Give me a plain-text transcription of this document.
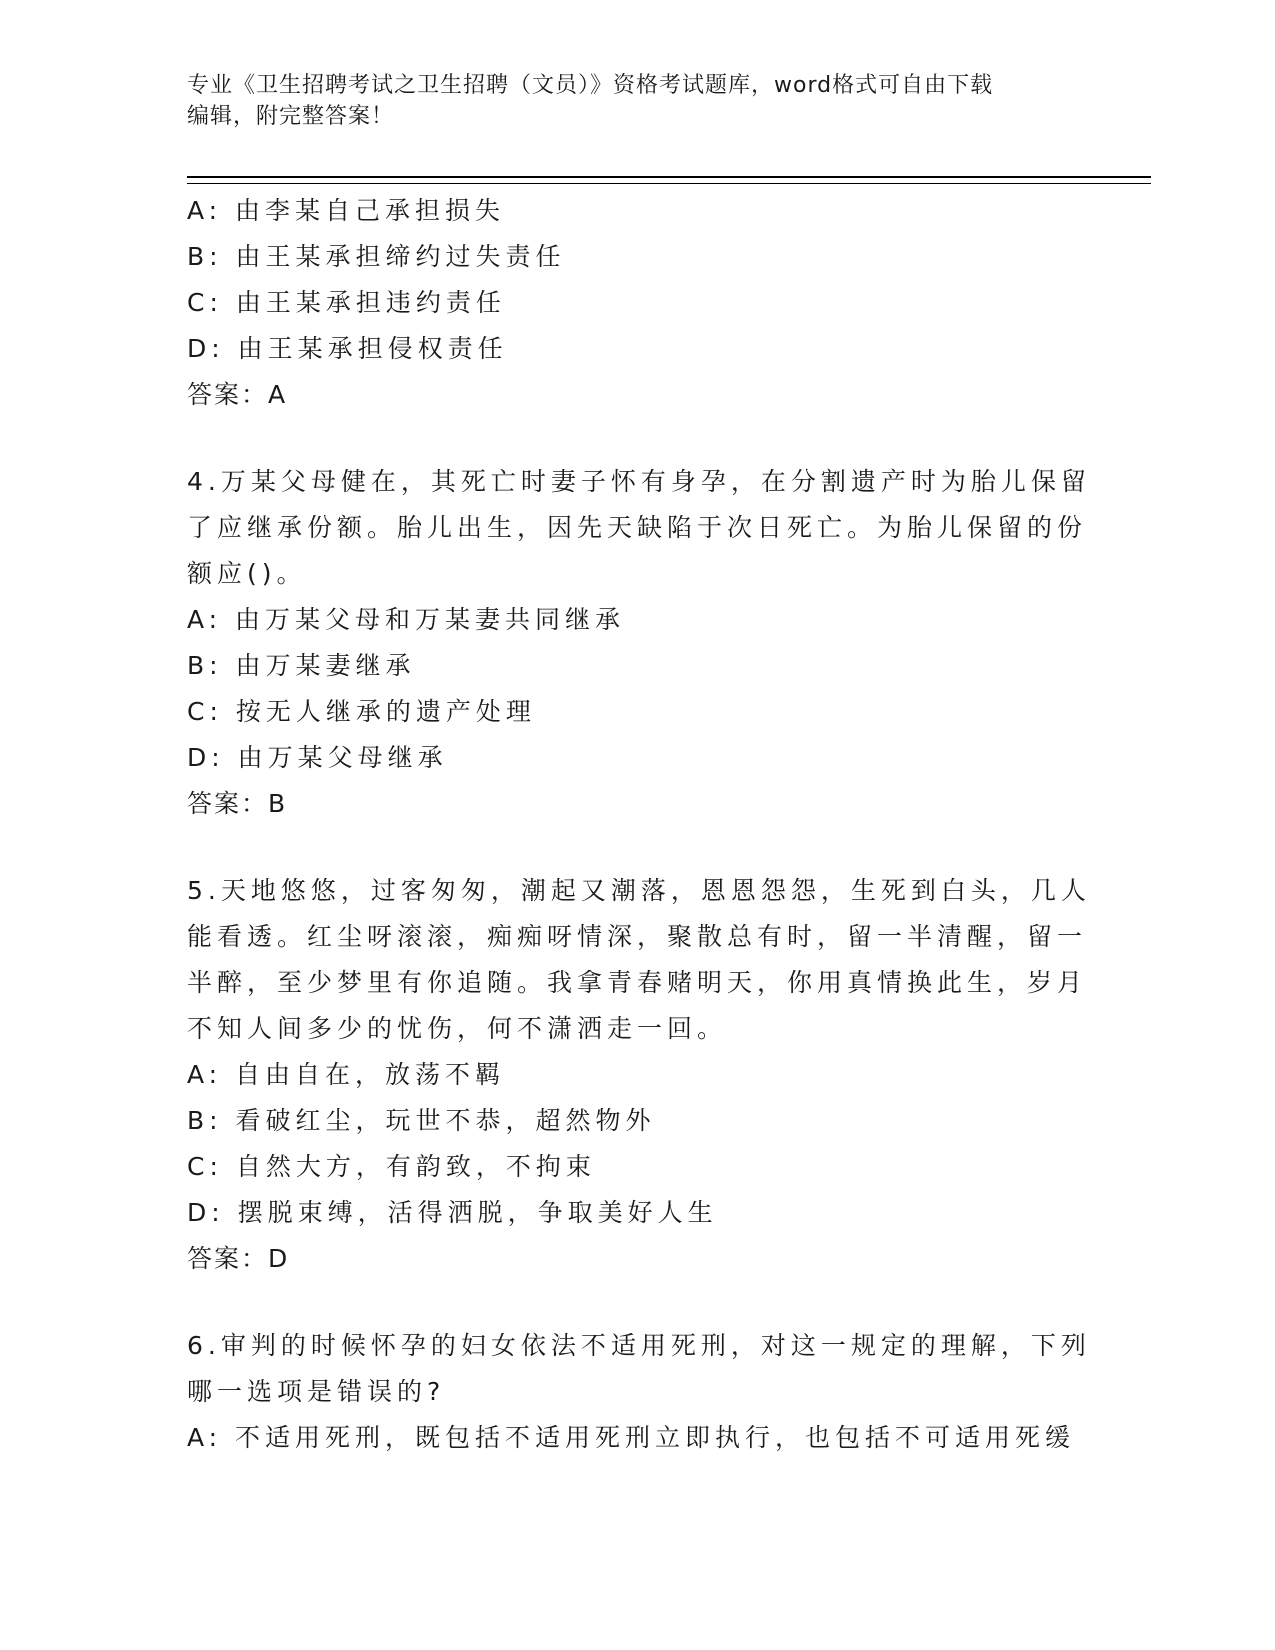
专业《卫生招聘考试之卫生招聘（文员）》资格考试题库，word格式可自由下载
编辑，附完整答案！
A: 由李某自己承担损失
B: 由王某承担缔约过失责任
C: 由王某承担违约责任
D: 由王某承担侵权责任
答案：A
4.万某父母健在，其死亡时妻子怀有身孕，在分割遗产时为胎儿保留
了应继承份额。胎儿出生，因先天缺陷于次日死亡。为胎儿保留的份
额应()。
A: 由万某父母和万某妻共同继承
B: 由万某妻继承
C: 按无人继承的遗产处理
D: 由万某父母继承
答案：B
5.天地悠悠，过客匆匆，潮起又潮落，恩恩怨怨，生死到白头，几人
能看透。红尘呀滚滚，痴痴呀情深，聚散总有时，留一半清醒，留一
半醉，至少梦里有你追随。我拿青春赌明天，你用真情换此生，岁月
不知人间多少的忧伤，何不潇洒走一回。
A: 自由自在，放荡不羁
B: 看破红尘，玩世不恭，超然物外
C: 自然大方，有韵致，不拘束
D: 摆脱束缚，活得洒脱，争取美好人生
答案：D
6.审判的时候怀孕的妇女依法不适用死刑，对这一规定的理解，下列
哪一选项是错误的?
A: 不适用死刑，既包括不适用死刑立即执行，也包括不可适用死缓
